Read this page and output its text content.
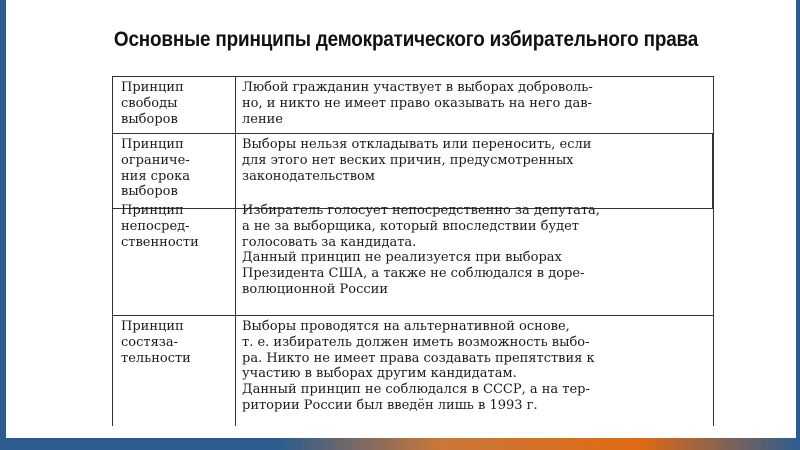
Основные принципы демократического избирательного права
Принцип
свободы
выборов
Любой гражданин участвует в выборах доброволь-
но, и никто не имеет право оказывать на него дав-
ление
Принцип
ограниче-
ния срока
выборов
Выборы нельзя откладывать или переносить, если
для этого нет веских причин, предусмотренных
законодательством
Принцип
непосред-
ственности
Избиратель голосует непосредственно за депутата,
а не за выборщика, который впоследствии будет
голосовать за кандидата.
Данный принцип не реализуется при выборах
Президента США, а также не соблюдался в доре-
волюционной России
Принцип
состяза-
тельности
Выборы проводятся на альтернативной основе,
т. е. избиратель должен иметь возможность выбо-
ра. Никто не имеет права создавать препятствия к
участию в выборах другим кандидатам.
Данный принцип не соблюдался в СССР, а на тер-
ритории России был введён лишь в 1993 г.
